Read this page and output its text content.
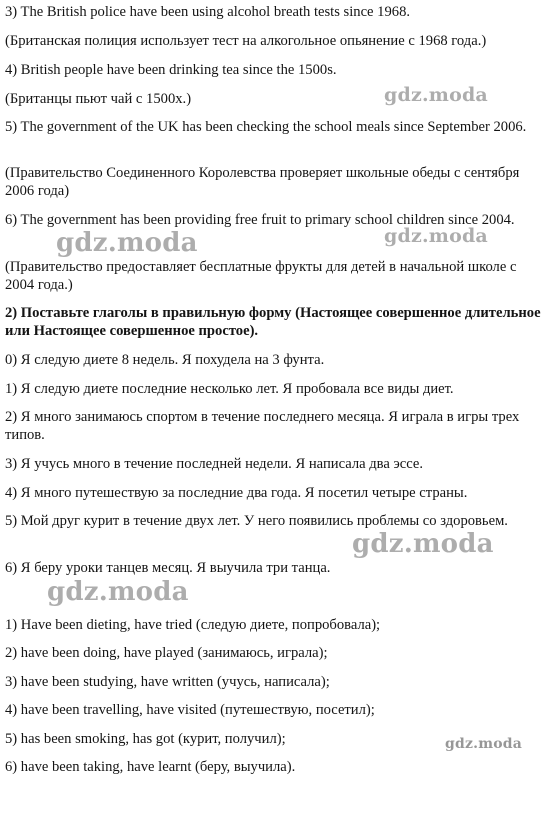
3) The British police have been using alcohol breath tests since 1968.
(Британская полиция использует тест на алкогольное опьянение с 1968 года.)
4) British people have been drinking tea since the 1500s.
(Британцы пьют чай с 1500х.)
5) The government of the UK has been checking the school meals since September 2006.
(Правительство Соединенного Королевства проверяет школьные обеды с сентября 2006 года)
6) The government has been providing free fruit to primary school children since 2004.
(Правительство предоставляет бесплатные фрукты для детей в начальной школе с 2004 года.)
2) Поставьте глаголы в правильную форму (Настоящее совершенное длительное или Настоящее совершенное простое).
0) Я следую диете 8 недель. Я похудела на 3 фунта.
1) Я следую диете последние несколько лет. Я пробовала все виды диет.
2) Я много занимаюсь спортом в течение последнего месяца. Я играла в игры трех типов.
3) Я учусь много в течение последней недели. Я написала два эссе.
4) Я много путешествую за последние два года. Я посетил четыре страны.
5) Мой друг курит в течение двух лет. У него появились проблемы со здоровьем.
6) Я беру уроки танцев месяц. Я выучила три танца.
1) Have been dieting, have tried (следую диете, попробовала);
2) have been doing, have played (занимаюсь, играла);
3) have been studying, have written (учусь, написала);
4) have been travelling, have visited (путешествую, посетил);
5) has been smoking, has got (курит, получил);
6) have been taking, have learnt (беру, выучила).
gdz.moda
gdz.moda
gdz.moda
gdz.moda
gdz.moda
gdz.moda
